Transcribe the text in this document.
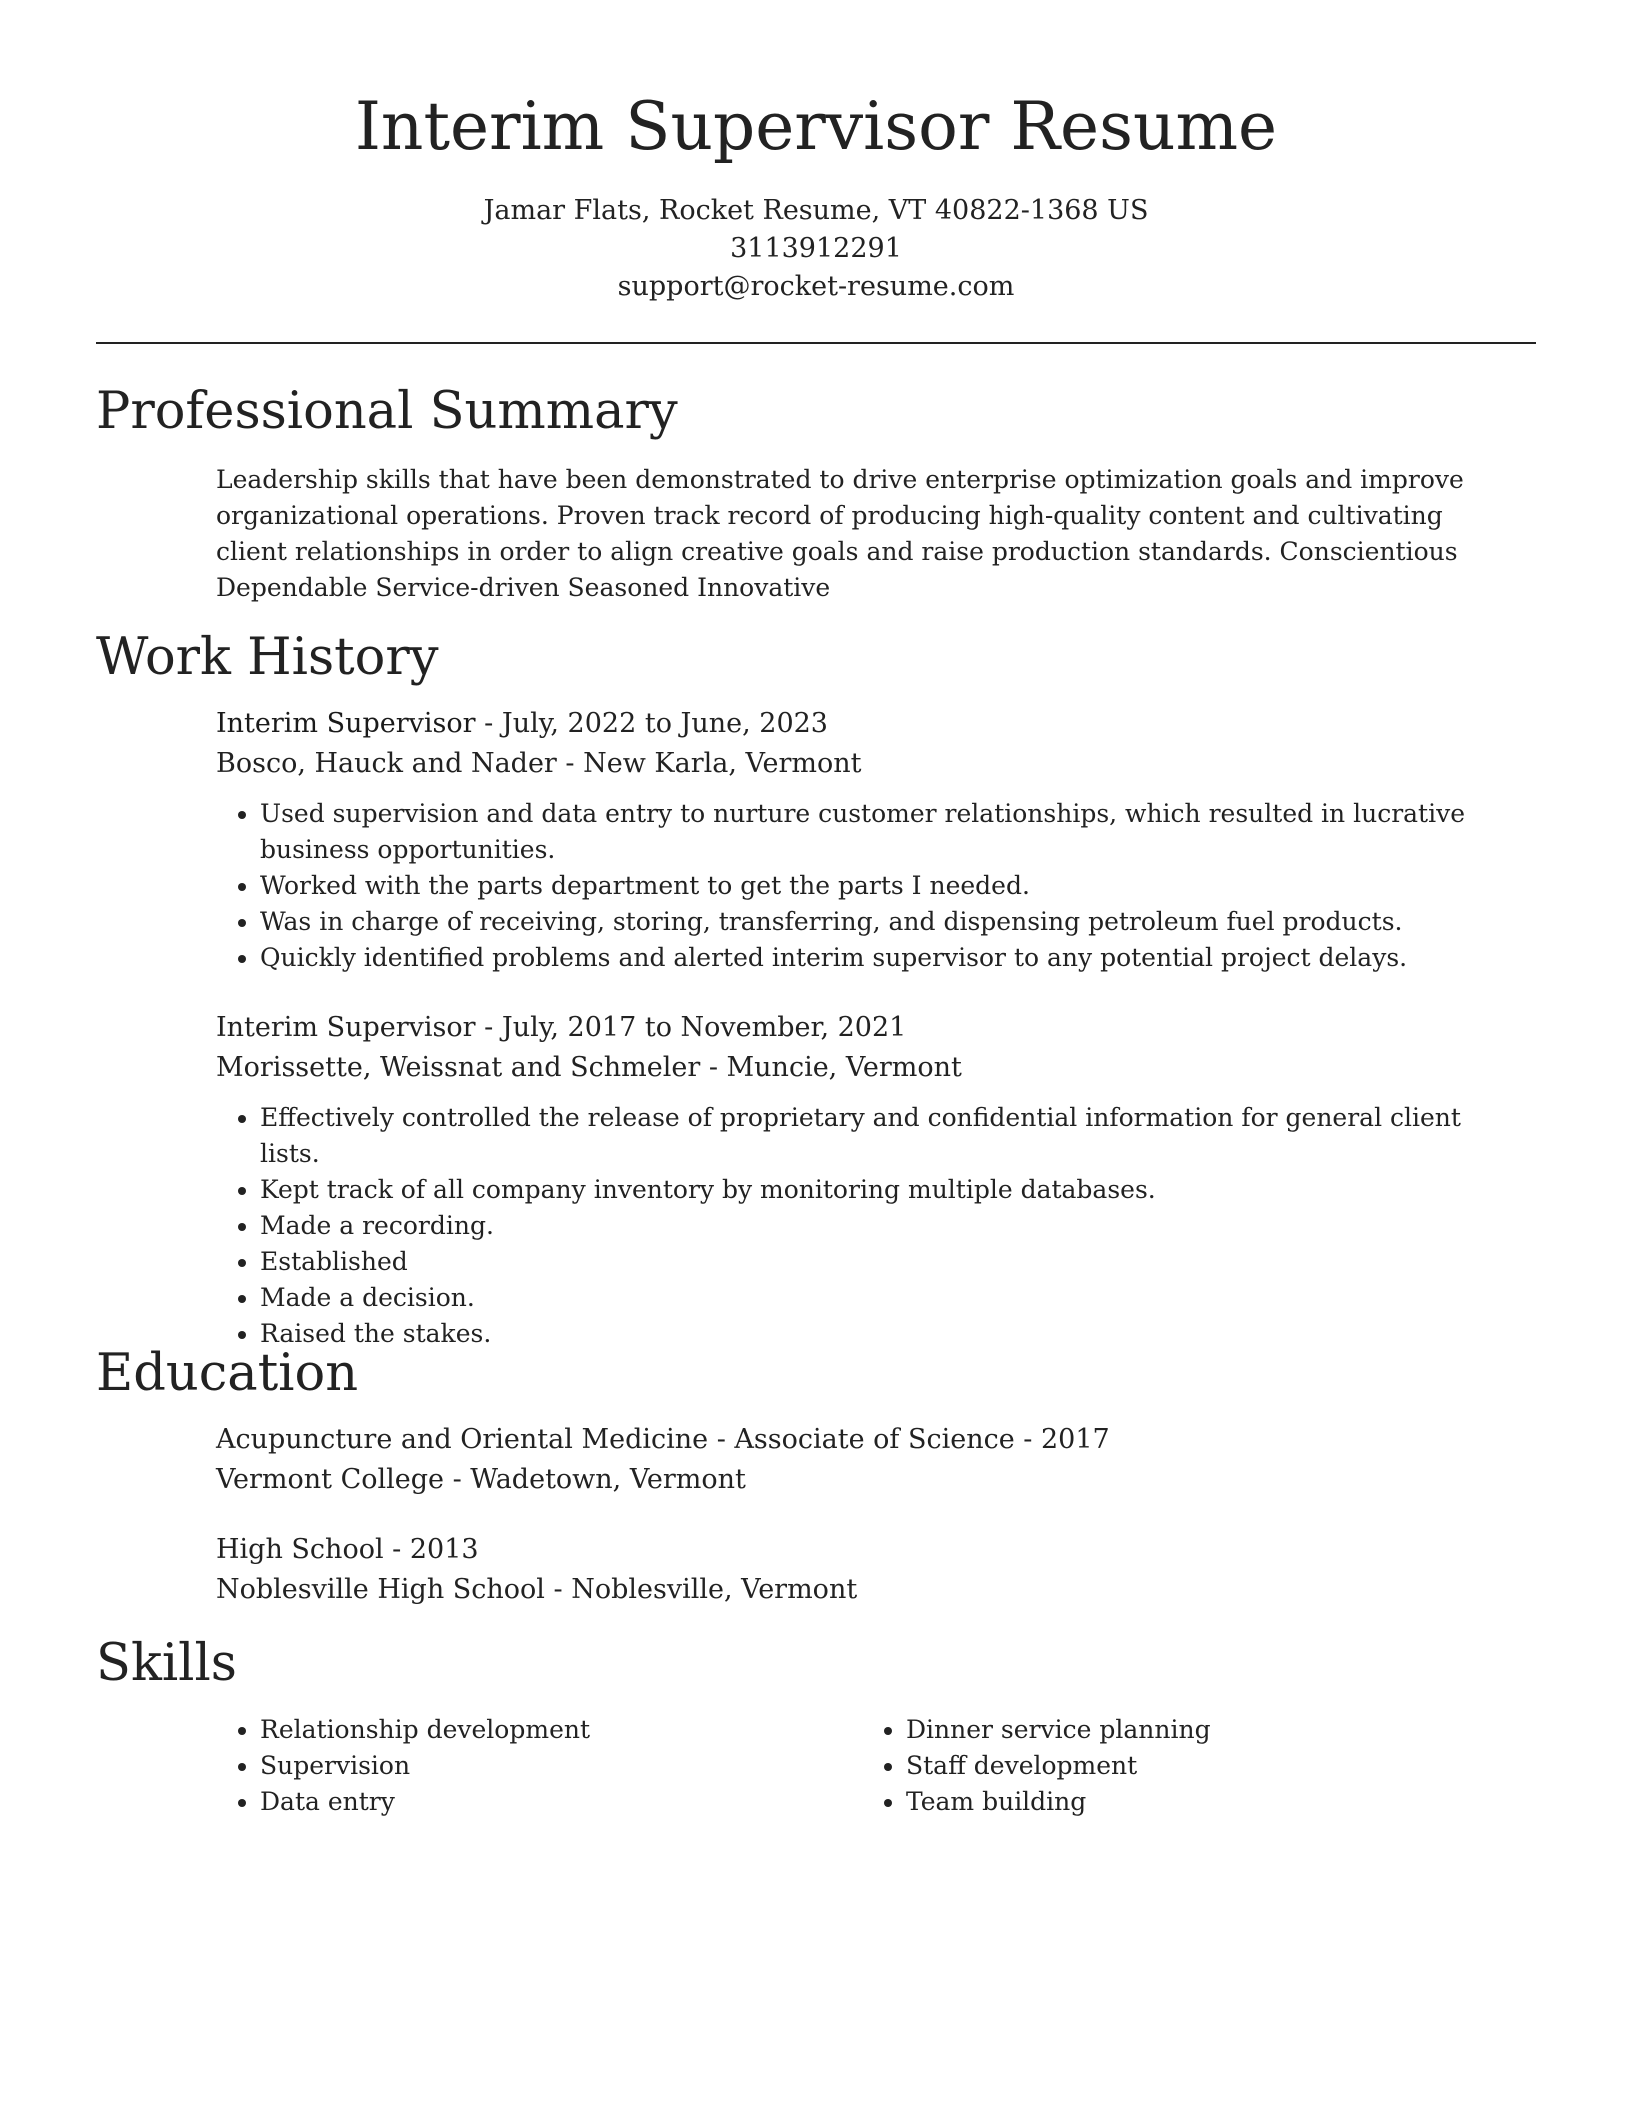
Interim Supervisor Resume
Jamar Flats, Rocket Resume, VT 40822-1368 US
3113912291
support@rocket-resume.com
Professional Summary
Leadership skills that have been demonstrated to drive enterprise optimization goals and improve organizational operations. Proven track record of producing high-quality content and cultivating client relationships in order to align creative goals and raise production standards. Conscientious Dependable Service-driven Seasoned Innovative
Work History
Interim Supervisor - July, 2022 to June, 2023
Bosco, Hauck and Nader - New Karla, Vermont
• Used supervision and data entry to nurture customer relationships, which resulted in lucrative business opportunities.
• Worked with the parts department to get the parts I needed.
• Was in charge of receiving, storing, transferring, and dispensing petroleum fuel products.
• Quickly identified problems and alerted interim supervisor to any potential project delays.
Interim Supervisor - July, 2017 to November, 2021
Morissette, Weissnat and Schmeler - Muncie, Vermont
• Effectively controlled the release of proprietary and confidential information for general client lists.
• Kept track of all company inventory by monitoring multiple databases.
• Made a recording.
• Established
• Made a decision.
• Raised the stakes.
Education
Acupuncture and Oriental Medicine - Associate of Science - 2017
Vermont College - Wadetown, Vermont
High School - 2013
Noblesville High School - Noblesville, Vermont
Skills
• Relationship development
• Supervision
• Data entry
• Dinner service planning
• Staff development
• Team building
